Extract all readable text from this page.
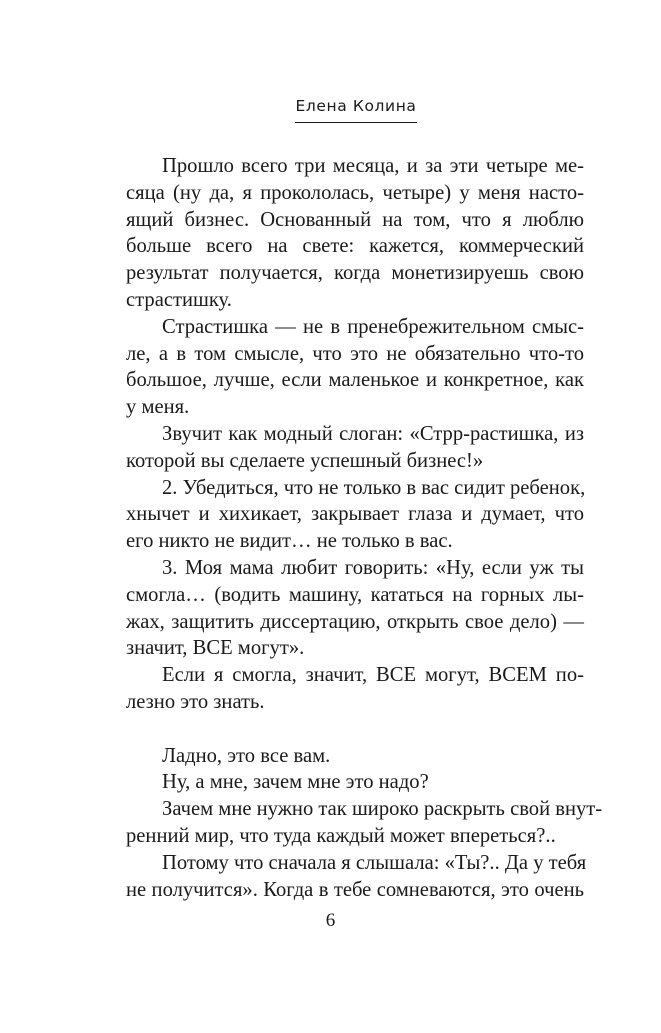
Елена Колина
Прошло всего три месяца, и за эти четыре ме-
сяца (ну да, я прокололась, четыре) у меня насто-
ящий бизнес. Основанный на том, что я люблю
больше всего на свете: кажется, коммерческий
результат получается, когда монетизируешь свою
страстишку.
Страстишка — не в пренебрежительном смыс-
ле, а в том смысле, что это не обязательно что-то
большое, лучше, если маленькое и конкретное, как
у меня.
Звучит как модный слоган: «Стрр-растишка, из
которой вы сделаете успешный бизнес!»
2. Убедиться, что не только в вас сидит ребенок,
хнычет и хихикает, закрывает глаза и думает, что
его никто не видит… не только в вас.
3. Моя мама любит говорить: «Ну, если уж ты
смогла… (водить машину, кататься на горных лы-
жах, защитить диссертацию, открыть свое дело) —
значит, ВСЕ могут».
Если я смогла, значит, ВСЕ могут, ВСЕМ по-
лезно это знать.
Ладно, это все вам.
Ну, а мне, зачем мне это надо?
Зачем мне нужно так широко раскрыть свой внут-
ренний мир, что туда каждый может впереться?..
Потому что сначала я слышала: «Ты?.. Да у тебя
не получится». Когда в тебе сомневаются, это очень
6
